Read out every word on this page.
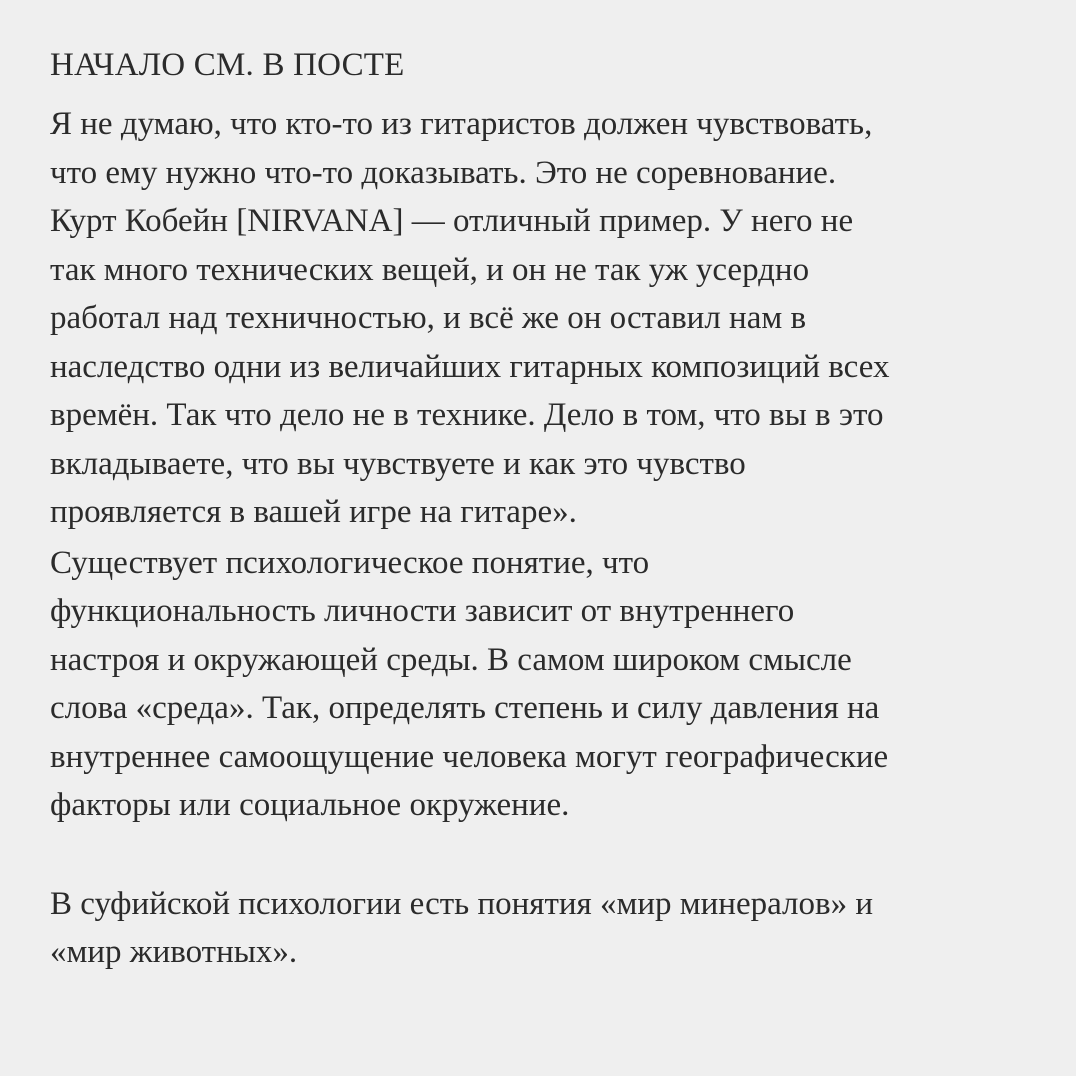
НАЧАЛО СМ. В ПОСТЕ

Я не думаю, что кто-то из гитаристов должен чувствовать,
что ему нужно что-то доказывать. Это не соревнование.
Курт Кобейн [NIRVANA] — отличный пример. У него не
так много технических вещей, и он не так уж усердно
работал над техничностью, и всё же он оставил нам в
наследство одни из величайших гитарных композиций всех
времён. Так что дело не в технике. Дело в том, что вы в это
вкладываете, что вы чувствуете и как это чувство
проявляется в вашей игре на гитаре».

Существует психологическое понятие, что
функциональность личности зависит от внутреннего
настроя и окружающей среды. В самом широком смысле
слова «среда». Так, определять степень и силу давления на
внутреннее самоощущение человека могут географические
факторы или социальное окружение.

В суфийской психологии есть понятия «мир минералов» и
«мир животных».
